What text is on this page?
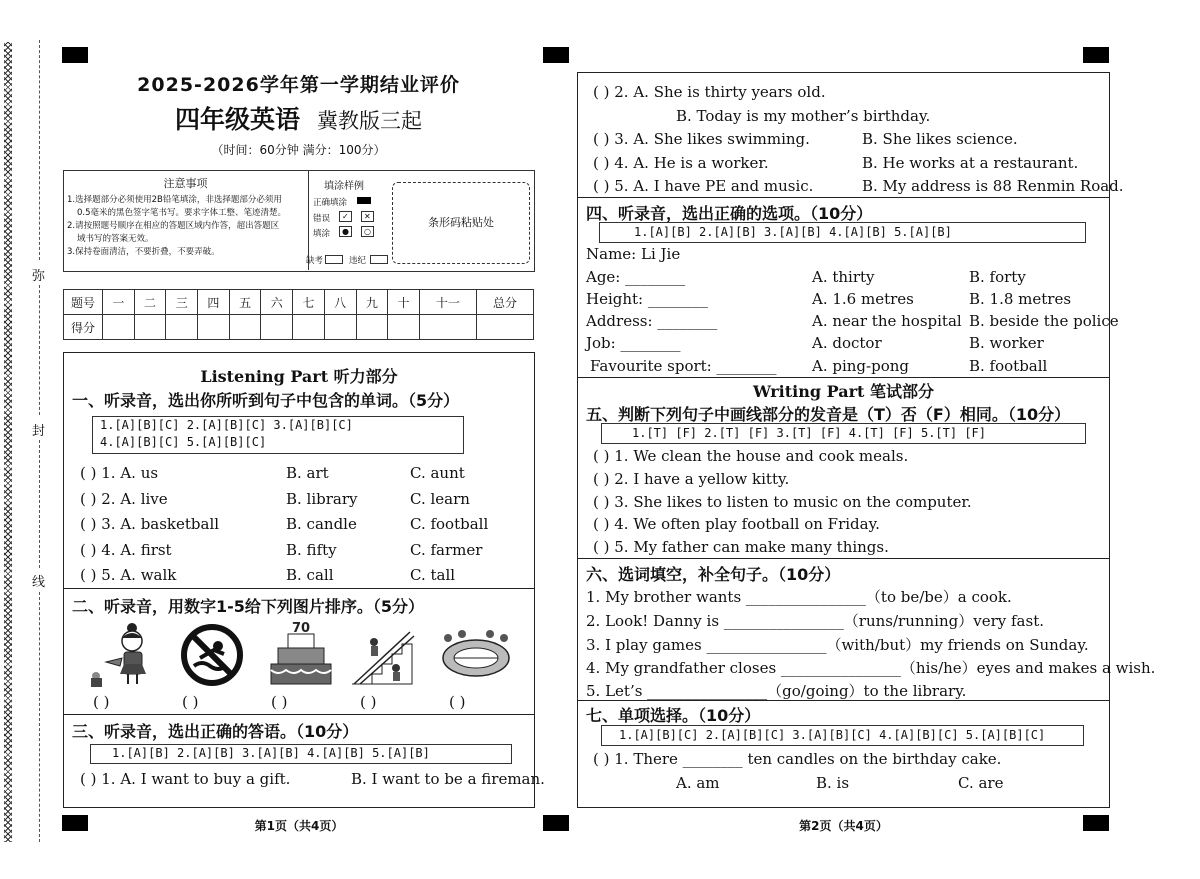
弥
封
线
2025-2026学年第一学期结业评价
四年级英语 冀教版三起
（时间：60分钟 满分：100分）
注意事项
1.选择题部分必须使用2B铅笔填涂，非选择题部分必须用
0.5毫米的黑色签字笔书写。要求字体工整、笔迹清楚。
2.请按照题号顺序在相应的答题区域内作答，超出答题区
域书写的答案无效。
3.保持卷面清洁，不要折叠，不要弄破。
填涂样例
正确填涂
错误	✓	✕
填涂	●	○
缺考	违纪
条形码粘贴处
题号	一	二	三	四	五	六	七	八	九	十	十一	总分
得分												
Listening Part 听力部分
一、听录音，选出你所听到句子中包含的单词。（5分）
1.[A][B][C] 2.[A][B][C] 3.[A][B][C]
4.[A][B][C] 5.[A][B][C]
( ) 1. A. us	B. art	C. aunt
( ) 2. A. live	B. library	C. learn
( ) 3. A. basketball	B. candle	C. football
( ) 4. A. first	B. fifty	C. farmer
( ) 5. A. walk	B. call	C. tall
二、听录音，用数字1-5给下列图片排序。（5分）
70
( )	( )	( )	( )	( )
三、听录音，选出正确的答语。（10分）
1.[A][B] 2.[A][B] 3.[A][B] 4.[A][B] 5.[A][B]
( ) 1. A. I want to buy a gift.	B. I want to be a fireman.
第1页（共4页）
( ) 2. A. She is thirty years old.
B. Today is my mother’s birthday.
( ) 3. A. She likes swimming.	B. She likes science.
( ) 4. A. He is a worker.	B. He works at a restaurant.
( ) 5. A. I have PE and music.	B. My address is 88 Renmin Road.
四、听录音，选出正确的选项。（10分）
1.[A][B] 2.[A][B] 3.[A][B] 4.[A][B] 5.[A][B]
Name: Li Jie
Age: ________	A. thirty	B. forty
Height: ________	A. 1.6 metres	B. 1.8 metres
Address: ________	A. near the hospital B. beside the police
Job: ________	A. doctor	B. worker
Favourite sport: ________ A. ping-pong	B. football
Writing Part 笔试部分
五、判断下列句子中画线部分的发音是（T）否（F）相同。（10分）
1.[T] [F] 2.[T] [F] 3.[T] [F] 4.[T] [F] 5.[T] [F]
( ) 1. We clean the house and cook meals.
( ) 2. I have a yellow kitty.
( ) 3. She likes to listen to music on the computer.
( ) 4. We often play football on Friday.
( ) 5. My father can make many things.
六、选词填空，补全句子。（10分）
1. My brother wants ________________（to be/be）a cook.
2. Look! Danny is ________________（runs/running）very fast.
3. I play games ________________（with/but）my friends on Sunday.
4. My grandfather closes ________________（his/he）eyes and makes a wish.
5. Let’s ________________（go/going）to the library.
七、单项选择。（10分）
1.[A][B][C] 2.[A][B][C] 3.[A][B][C] 4.[A][B][C] 5.[A][B][C]
( ) 1. There ________ ten candles on the birthday cake.
A. am	B. is	C. are
第2页（共4页）
